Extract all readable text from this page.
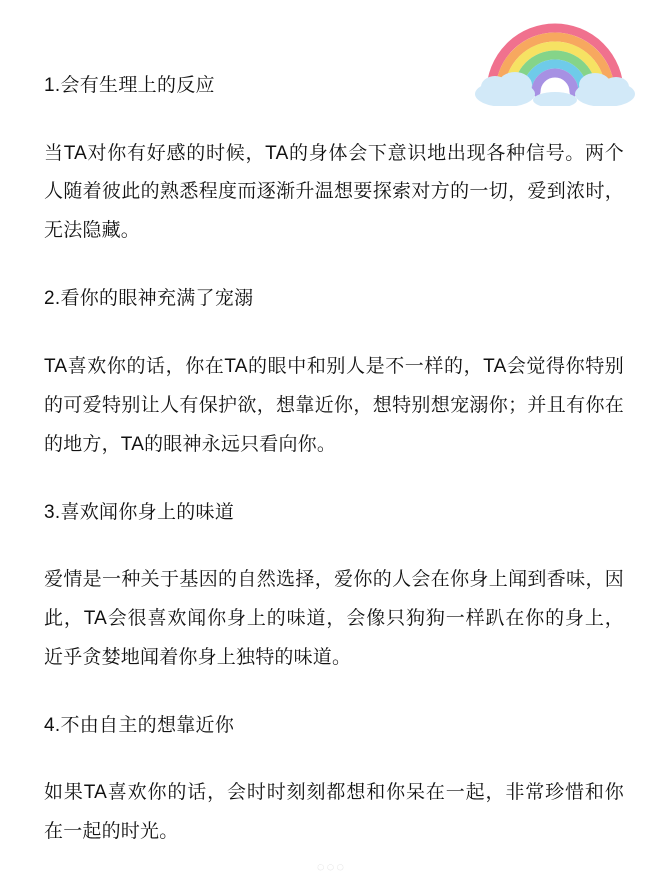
1.会有生理上的反应

当TA对你有好感的时候，TA的身体会下意识地出现各种信号。两个人随着彼此的熟悉程度而逐渐升温想要探索对方的一切，爱到浓时，无法隐藏。

2.看你的眼神充满了宠溺

TA喜欢你的话，你在TA的眼中和别人是不一样的，TA会觉得你特别的可爱特别让人有保护欲，想靠近你，想特别想宠溺你；并且有你在的地方，TA的眼神永远只看向你。

3.喜欢闻你身上的味道

爱情是一种关于基因的自然选择，爱你的人会在你身上闻到香味，因此，TA会很喜欢闻你身上的味道，会像只狗狗一样趴在你的身上，近乎贪婪地闻着你身上独特的味道。

4.不由自主的想靠近你

如果TA喜欢你的话，会时时刻刻都想和你呆在一起，非常珍惜和你在一起的时光。

◌◌◌
